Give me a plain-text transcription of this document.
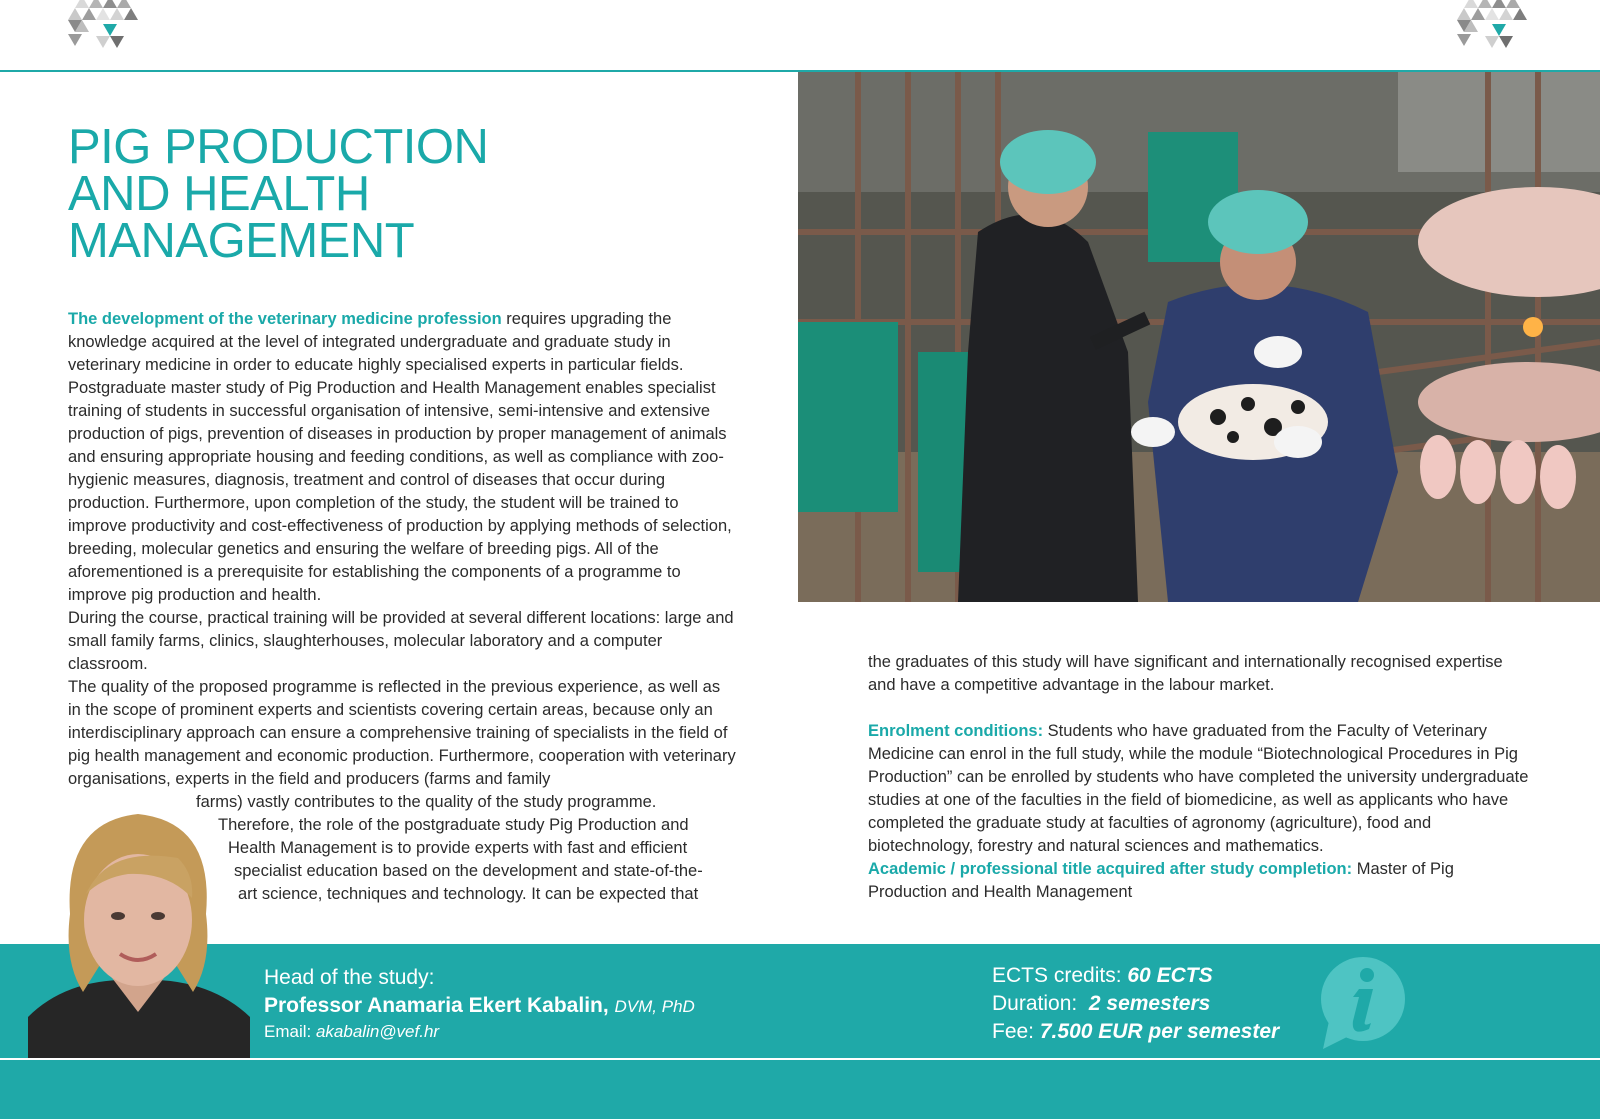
PIG PRODUCTION
AND HEALTH
MANAGEMENT

The development of the veterinary medicine profession requires upgrading the knowledge acquired at the level of integrated undergraduate and graduate study in veterinary medicine in order to educate highly specialised experts in particular fields. Postgraduate master study of Pig Production and Health Management enables specialist training of students in successful organisation of intensive, semi-intensive and extensive production of pigs, prevention of diseases in production by proper management of animals and ensuring appropriate housing and feeding conditions, as well as compliance with zoo-hygienic measures, diagnosis, treatment and control of diseases that occur during production. Furthermore, upon completion of the study, the student will be trained to improve productivity and cost-effectiveness of production by applying methods of selection, breeding, molecular genetics and ensuring the welfare of breeding pigs. All of the aforementioned is a prerequisite for establishing the components of a programme to improve pig production and health.

During the course, practical training will be provided at several different locations: large and small family farms, clinics, slaughterhouses, molecular laboratory and a computer classroom.

The quality of the proposed programme is reflected in the previous experience, as well as in the scope of prominent experts and scientists covering certain areas, because only an interdisciplinary approach can ensure a comprehensive training of specialists in the field of pig health management and economic production. Furthermore, cooperation with veterinary organisations, experts in the field and producers (farms and family

farms) vastly contributes to the quality of the study programme.
Therefore, the role of the postgraduate study Pig Production and
Health Management is to provide experts with fast and efficient
specialist education based on the development and state-of-the-
art science, techniques and technology. It can be expected that

the graduates of this study will have significant and internationally recognised expertise and have a competitive advantage in the labour market.

Enrolment conditions: Students who have graduated from the Faculty of Veterinary Medicine can enrol in the full study, while the module “Biotechnological Procedures in Pig Production” can be enrolled by students who have completed the university undergraduate studies at one of the faculties in the field of biomedicine, as well as applicants who have completed the graduate study at faculties of agronomy (agriculture), food and biotechnology, forestry and natural sciences and mathematics.

Academic / professional title acquired after study completion: Master of Pig Production and Health Management

Head of the study:
Professor Anamaria Ekert Kabalin, DVM, PhD
Email: akabalin@vef.hr
ECTS credits: 60 ECTS
Duration: 2 semesters
Fee: 7.500 EUR per semester
